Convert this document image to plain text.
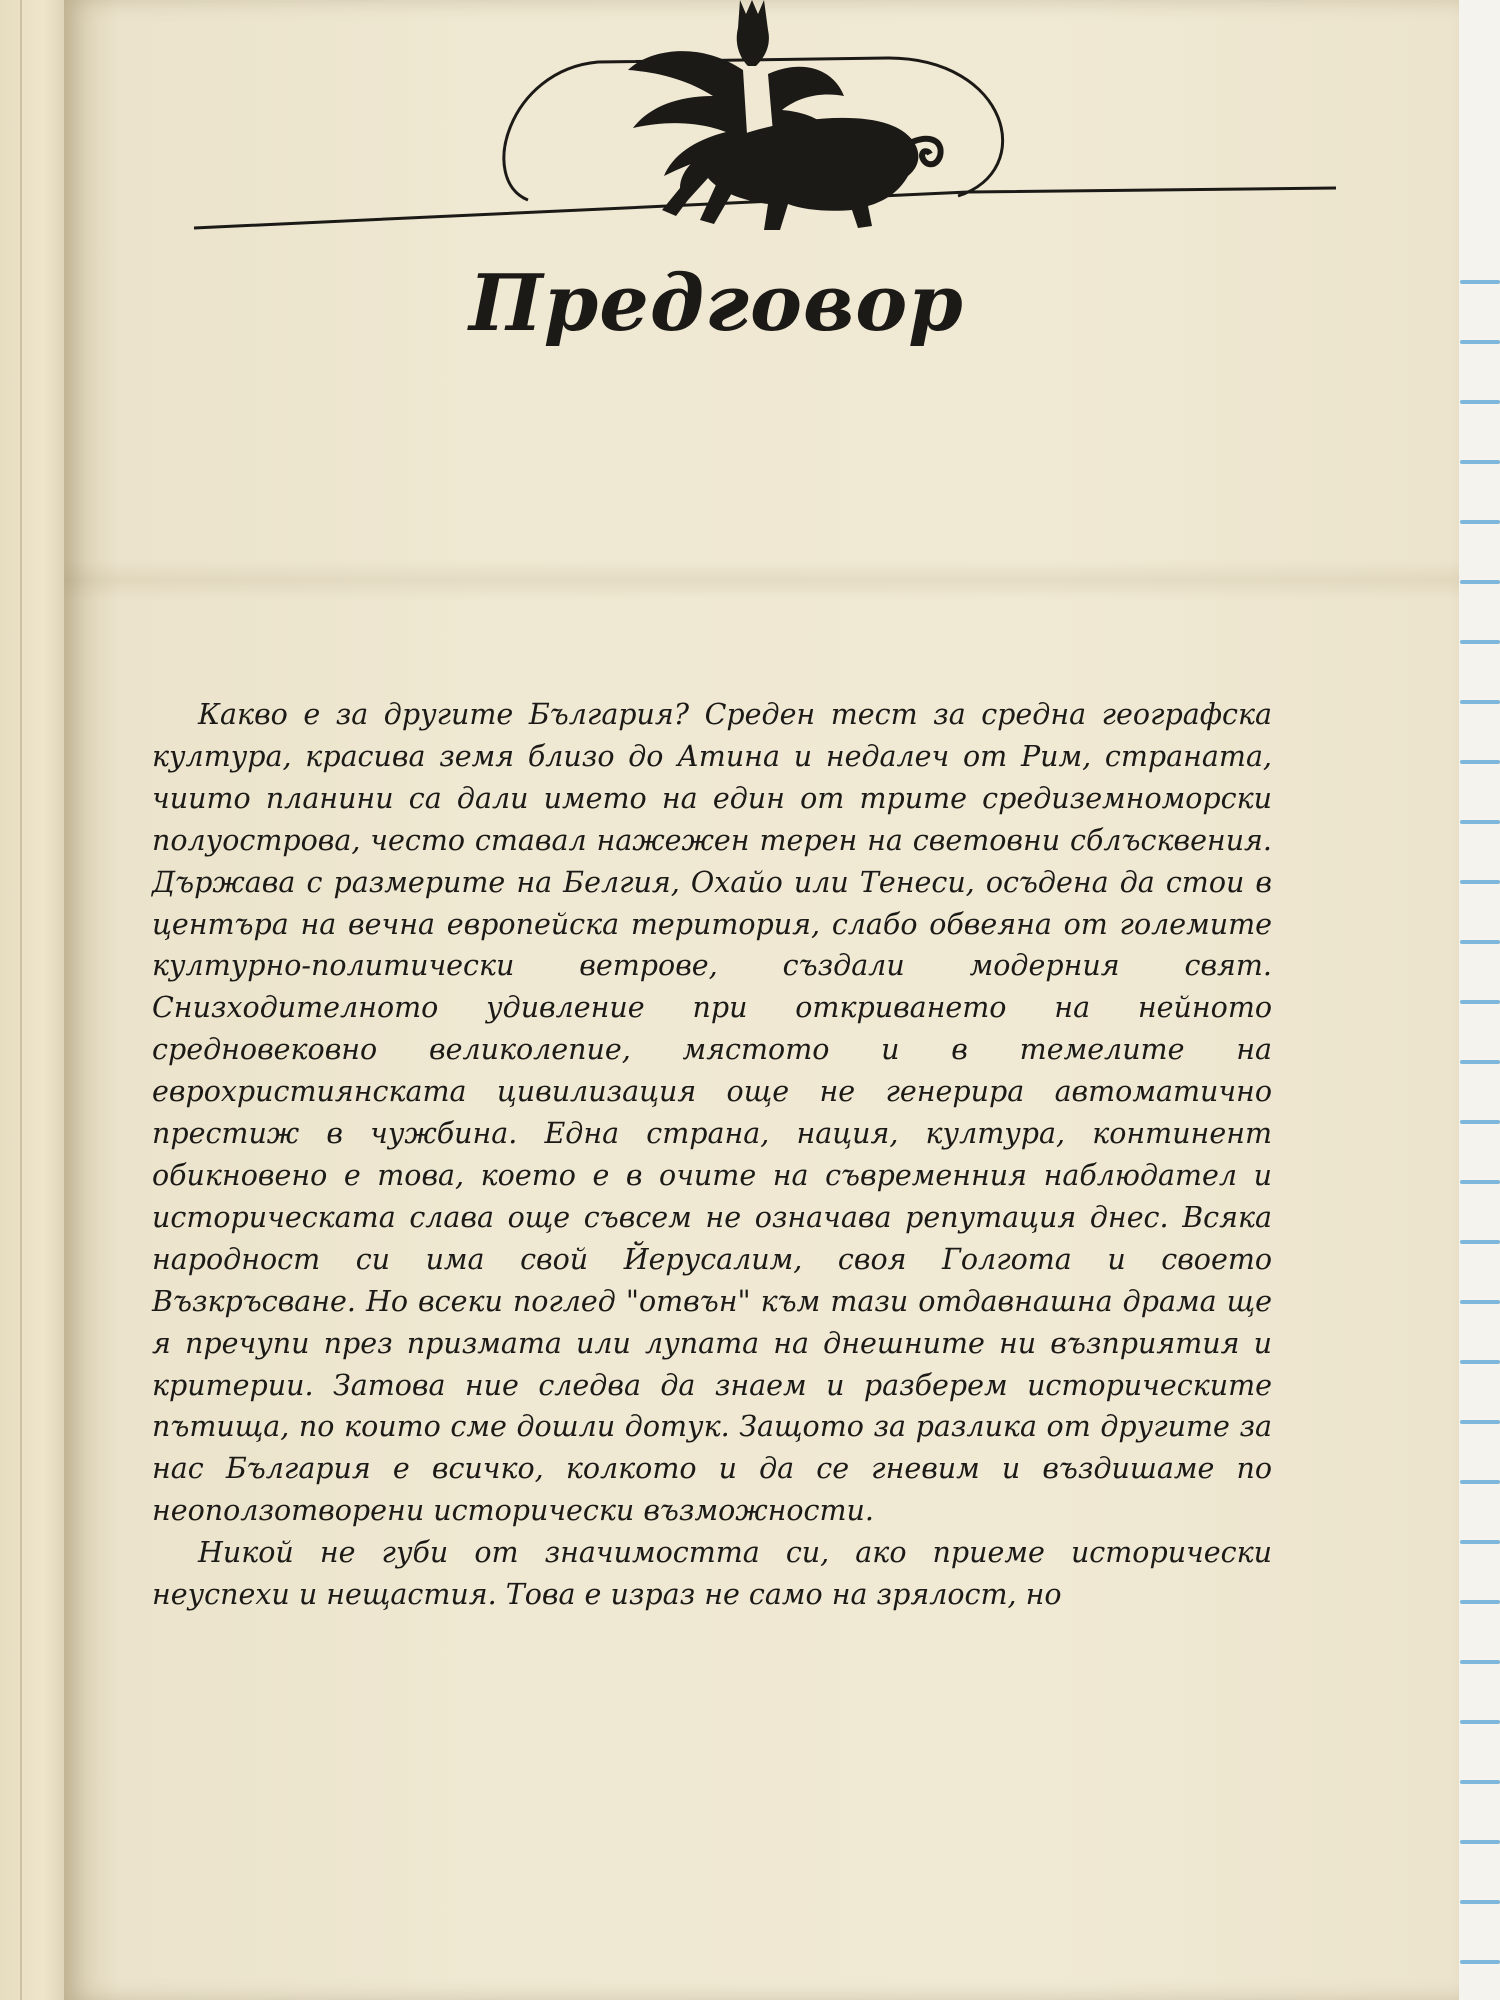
Предговор

Какво е за другите България? Среден тест за средна географска култура, красива земя близо до Атина и недалеч от Рим, страната, чиито планини са дали името на един от трите средиземноморски полуострова, често ставал нажежен терен на световни сблъсквения. Държава с размерите на Белгия, Охайо или Тенеси, осъдена да стои в центъра на вечна европейска територия, слабо обвеяна от големите културно-политически ветрове, създали модерния свят. Снизходителното удивление при откриването на нейното средновековно великолепие, мястото и в темелите на еврохристиянската цивилизация още не генерира автоматично престиж в чужбина. Една страна, нация, култура, континент обикновено е това, което е в очите на съвременния наблюдател и историческата слава още съвсем не означава репутация днес. Всяка народност си има свой Йерусалим, своя Голгота и своето Възкръсване. Но всеки поглед "отвън" към тази отдавнашна драма ще я пречупи през призмата или лупата на днешните ни възприятия и критерии. Затова ние следва да знаем и разберем историческите пътища, по които сме дошли дотук. Защото за разлика от другите за нас България е всичко, колкото и да се гневим и въздишаме по неоползотворени исторически възможности.

Никой не губи от значимостта си, ако приеме исторически неуспехи и нещастия. Това е израз не само на зрялост, но
